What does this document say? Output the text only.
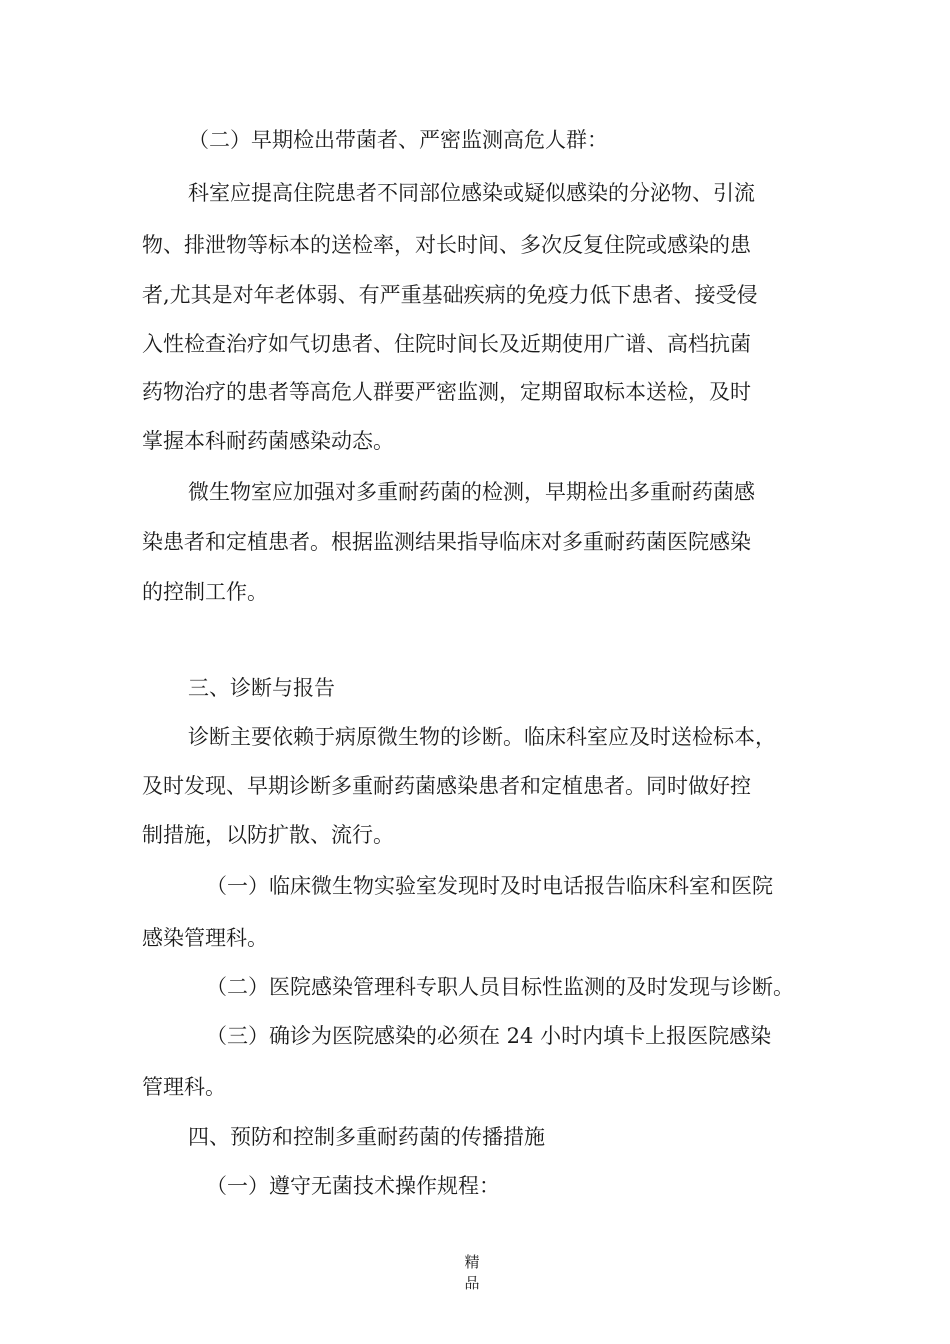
（二）早期检出带菌者、严密监测高危人群：
科室应提高住院患者不同部位感染或疑似感染的分泌物、引流
物、排泄物等标本的送检率，对长时间、多次反复住院或感染的患
者,尤其是对年老体弱、有严重基础疾病的免疫力低下患者、接受侵
入性检查治疗如气切患者、住院时间长及近期使用广谱、高档抗菌
药物治疗的患者等高危人群要严密监测，定期留取标本送检，及时
掌握本科耐药菌感染动态。
微生物室应加强对多重耐药菌的检测，早期检出多重耐药菌感
染患者和定植患者。根据监测结果指导临床对多重耐药菌医院感染
的控制工作。
三、诊断与报告
诊断主要依赖于病原微生物的诊断。临床科室应及时送检标本，
及时发现、早期诊断多重耐药菌感染患者和定植患者。同时做好控
制措施，以防扩散、流行。
（一）临床微生物实验室发现时及时电话报告临床科室和医院
感染管理科。
（二）医院感染管理科专职人员目标性监测的及时发现与诊断。
（三）确诊为医院感染的必须在 24 小时内填卡上报医院感染
管理科。
四、预防和控制多重耐药菌的传播措施
（一）遵守无菌技术操作规程：
精品
